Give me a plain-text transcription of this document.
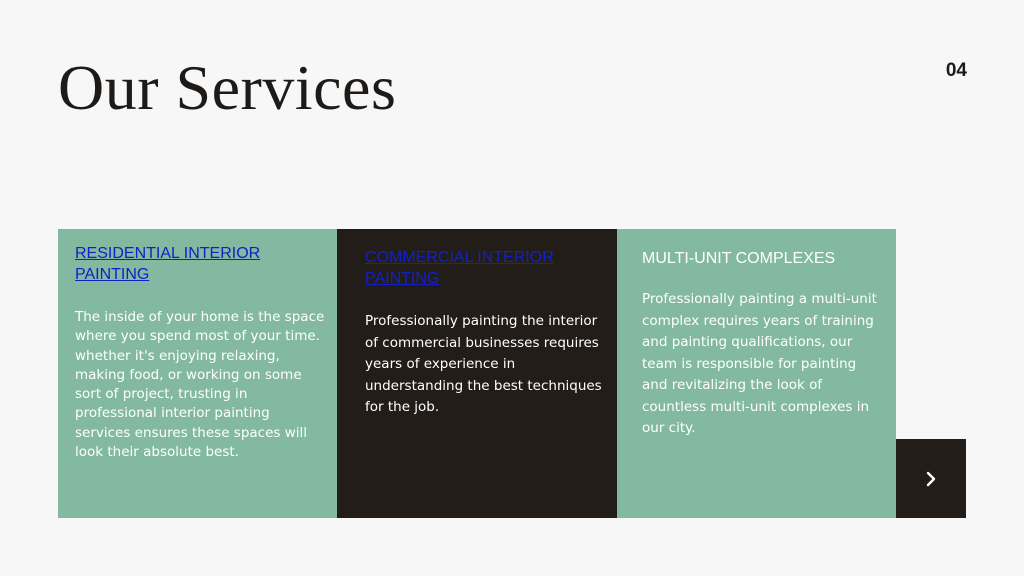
Our Services	04
RESIDENTIAL INTERIOR PAINTING

The inside of your home is the space where you spend most of your time. whether it's enjoying relaxing, making food, or working on some sort of project, trusting in professional interior painting services ensures these spaces will look their absolute best.

COMMERCIAL INTERIOR PAINTING

Professionally painting the interior of commercial businesses requires years of experience in understanding the best techniques for the job.

MULTI-UNIT COMPLEXES

Professionally painting a multi-unit complex requires years of training and painting qualifications, our team is responsible for painting and revitalizing the look of countless multi-unit complexes in our city.
